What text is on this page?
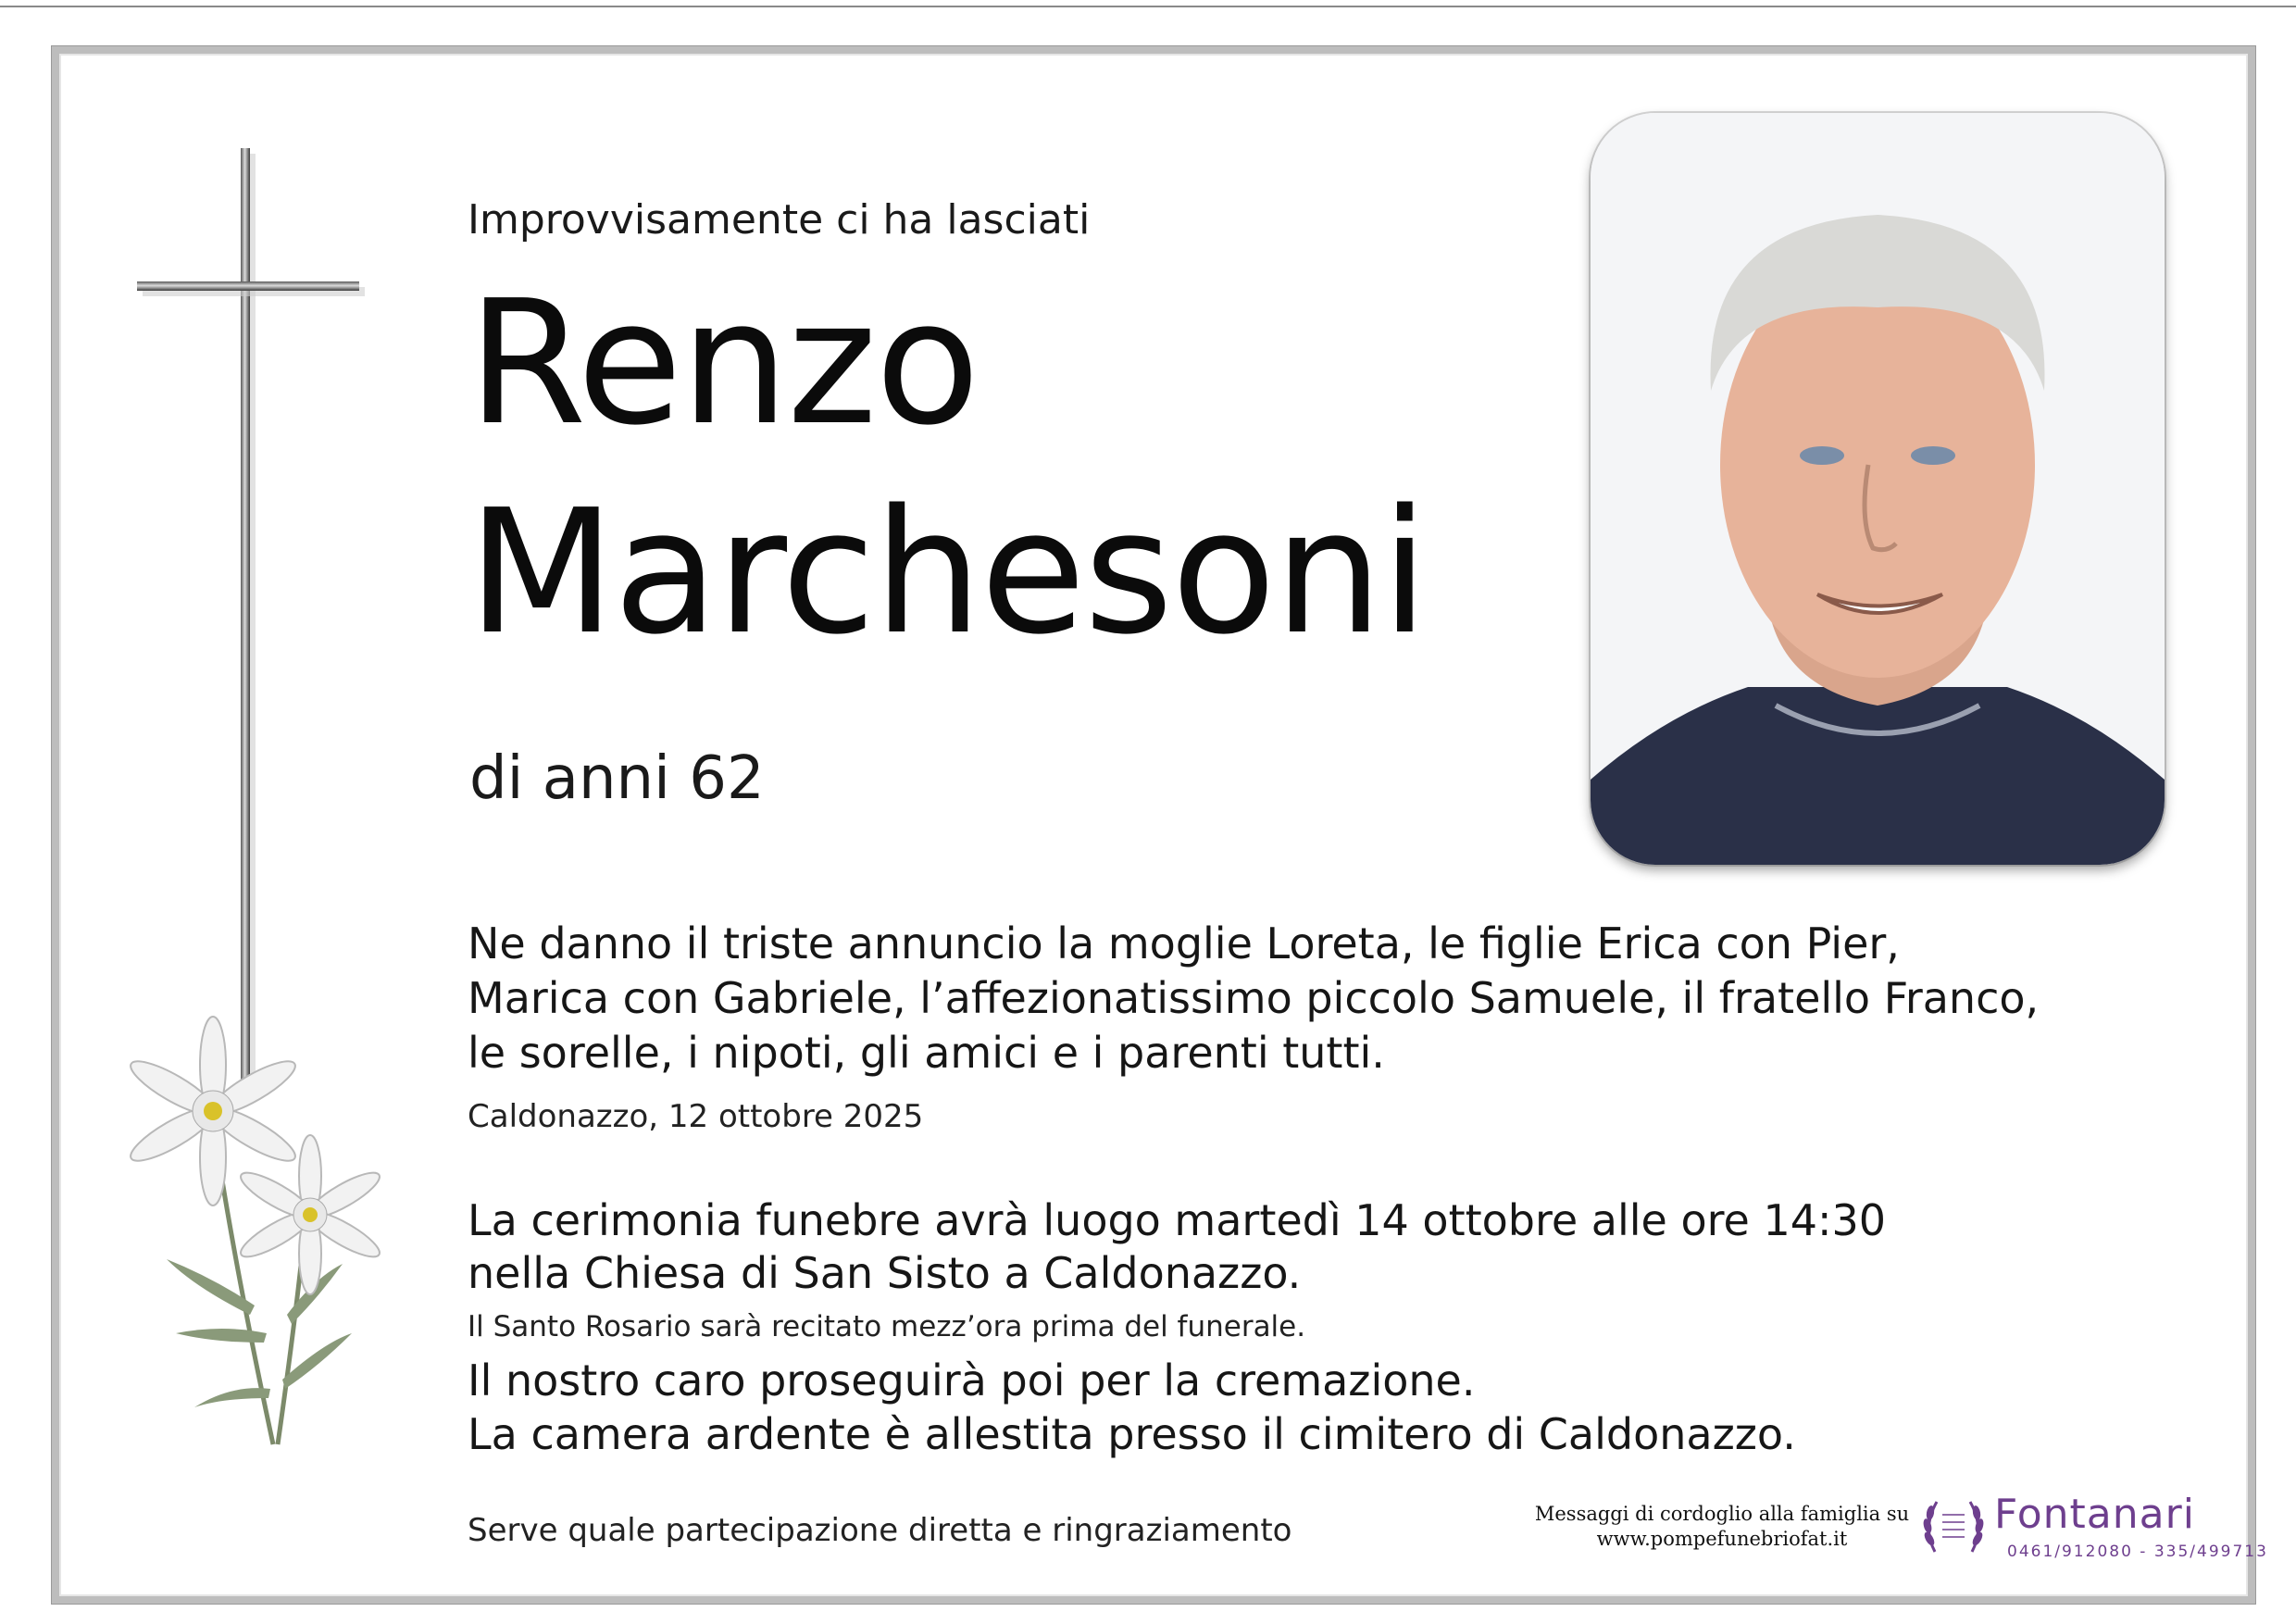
Improvvisamente ci ha lasciati
Renzo
Marchesoni
di anni 62
Ne danno il triste annuncio la moglie Loreta, le figlie Erica con Pier,
Marica con Gabriele, l’affezionatissimo piccolo Samuele, il fratello Franco,
le sorelle, i nipoti, gli amici e i parenti tutti.
Caldonazzo, 12 ottobre 2025
La cerimonia funebre avrà luogo martedì 14 ottobre alle ore 14:30
nella Chiesa di San Sisto a Caldonazzo.
Il Santo Rosario sarà recitato mezz’ora prima del funerale.
Il nostro caro proseguirà poi per la cremazione.
La camera ardente è allestita presso il cimitero di Caldonazzo.
Serve quale partecipazione diretta e ringraziamento	Messaggi di cordoglio alla famiglia su
www.pompefunebriofat.it
Fontanari
0461/912080 - 335/499713
